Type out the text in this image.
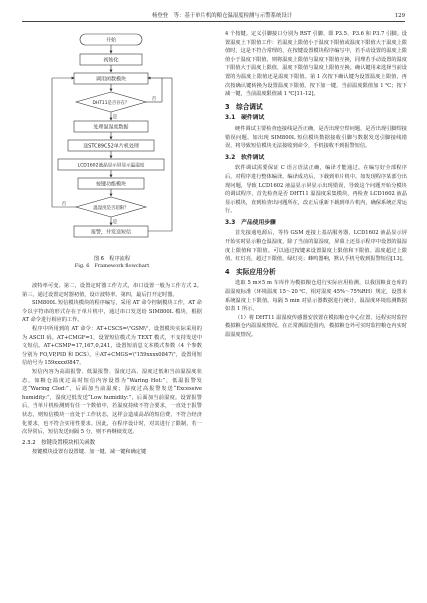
杨登登　等：基于单片机的粮仓温湿度检测与示警系统设计	129
开始
初始化
调用函数模块
DHT11是否存在？
否
是
处理温湿度数据
送STC89C52单片机处理
LCD1602液晶显示屏显示温湿度
按键功能模块
温湿度是否超限？
否
是
报警，并发送短信
图 6　程序流程
Fig. 6　Framework flowchart

波特率可变。第二，设置定时器工作方式，串口设置一般为工作方式 2。第三，通过设置定时器初值，设计波特率。第四，最后打开定时器。

SIM800L 短信模块模块的程序编写，采用 AT 命令控制模块工作，AT 命令以字符串的形式存在于单片机中，通过串口发送给 SIM800L 模块，根据 AT 命令进行相应的工作。

程序中所用到的 AT 命令：AT+CSCS=\"GSM\"，设置模块实际采用的为 ASCII 码。AT+CMGF=1，设置短信模式为 TEXT 模式，不支持发送中文短信。AT+CSMP=17,167,0,241，设置短消息文本模式参数（4 个参数分别为 FO,VP,PID 和 DCS）。④AT+CMGS=\"159xxxx0847\"，设置用短信给号为 159xxxx0847。

短信内容为高温报警、低温报警、湿度过高、湿度过低和当前温湿度状态。如粮仓温度过高时短信内容设置为“Waring Hot:”，低温报警发送“Waring Clod:”，后面加当前温度；湿度过高报警发送“Excessive humidity:”，湿度过低发送“Low humidity:”，后面加当前湿度。设置报警后，当单片机检测到有任一个数值中，若温度持续不符合要求，一直处于报警状态，则短信模块一直处于工作状态，这样会造成高昂的短信费，不符合经济化要求，也不符合实用性要求。因此，在程序设计时，对其进行了限制，若一次异常后，短信发送间隔 5 分，则不再继续发送。

2.3.2　按键设置模块相关函数

按键模块设置有设置键、加一键、减一键和确定键

4 个按键。定义引脚接口分别为 RST 引脚、即 P3.5、P3.6 和 P3.7 引脚。设置温度上下限值工作：若温度上限值小于温度下限值或温度下限值大于温度上限值时，这是不符合常理的，在按键设置模块程序编写中，若手动设置的温度上限值小于温度下限值，则将温度上限值与温度下限值互换，同理若手动设置的温度下限值大于温度上限值，温度下限值与温度上限值互换。确认键用来选择当前设置的为温度上限值还是温度下限值。第 1 次按下确认键为设置温度上限值，再次按确认键转换为设置温度下限值。按下加一键，当前温度限值加 1 ℃；按下减一键，当前温度限值减 1 ℃[11-12]。

3　综合调试
3.1　硬件调试

硬件调试主要检查连接线是否正确，是否出现空焊问题，是否出现引脚焊接错误问题。如出现 SIM800L 短信模块数据接收引脚与数据发送引脚接线错误，将导致短信模块无法接收到命令，手机接收不到报警短信。

3.2　软件调试

软件调试需要保证 C 语言语法正确，编译才能通过。在编写好全部程序后，对程序进行整体编译。编译成功后，下载到单片机中。如发现程序某部分出现问题，导致 LCD1602 液晶显示屏显示出现错误，导致这个问题开始分模块的调试程序，首先检查是否 DHT11 温湿度采集模块，再检查 LCD1602 液晶显示模块，直到检查出问题所在，改正后重新下载到单片机内，确保系统正常运行。

3.3　产品使用步骤

首先接通电源后，等待 GSM 连接上基站服务器，LCD1602 液晶显示屏开始实时显示粮仓温湿度，除了当前的温湿度，屏幕上还显示程序中设置的温湿度上限值和下限值。可以通过按键来设置温度上限值和下限值。温度超过上限值，红灯亮，超过下限值，绿灯亮；蜂鸣器响，默认手机号收到报警短信[13]。

4　实际应用分析

选取 5 m×5 m 车库作为模拟粮仓进行实际应用检测，以我国粮食仓库的温湿度标准（环境温度 15～20 ℃，相对湿度 45%～75%RH）规定，设置本系统温度上下限值。每隔 5 min 对显示器数据进行统计，温湿度环境监测数据如表 1 所示。

（1）将 DHT11 温湿度传感器安放置在模拟粮仓中心位置，远程实时监控模拟粮仓内温湿度情况。在正常测温范围内，模拟粮仓外可实时监控粮仓内实时温湿度情况。
